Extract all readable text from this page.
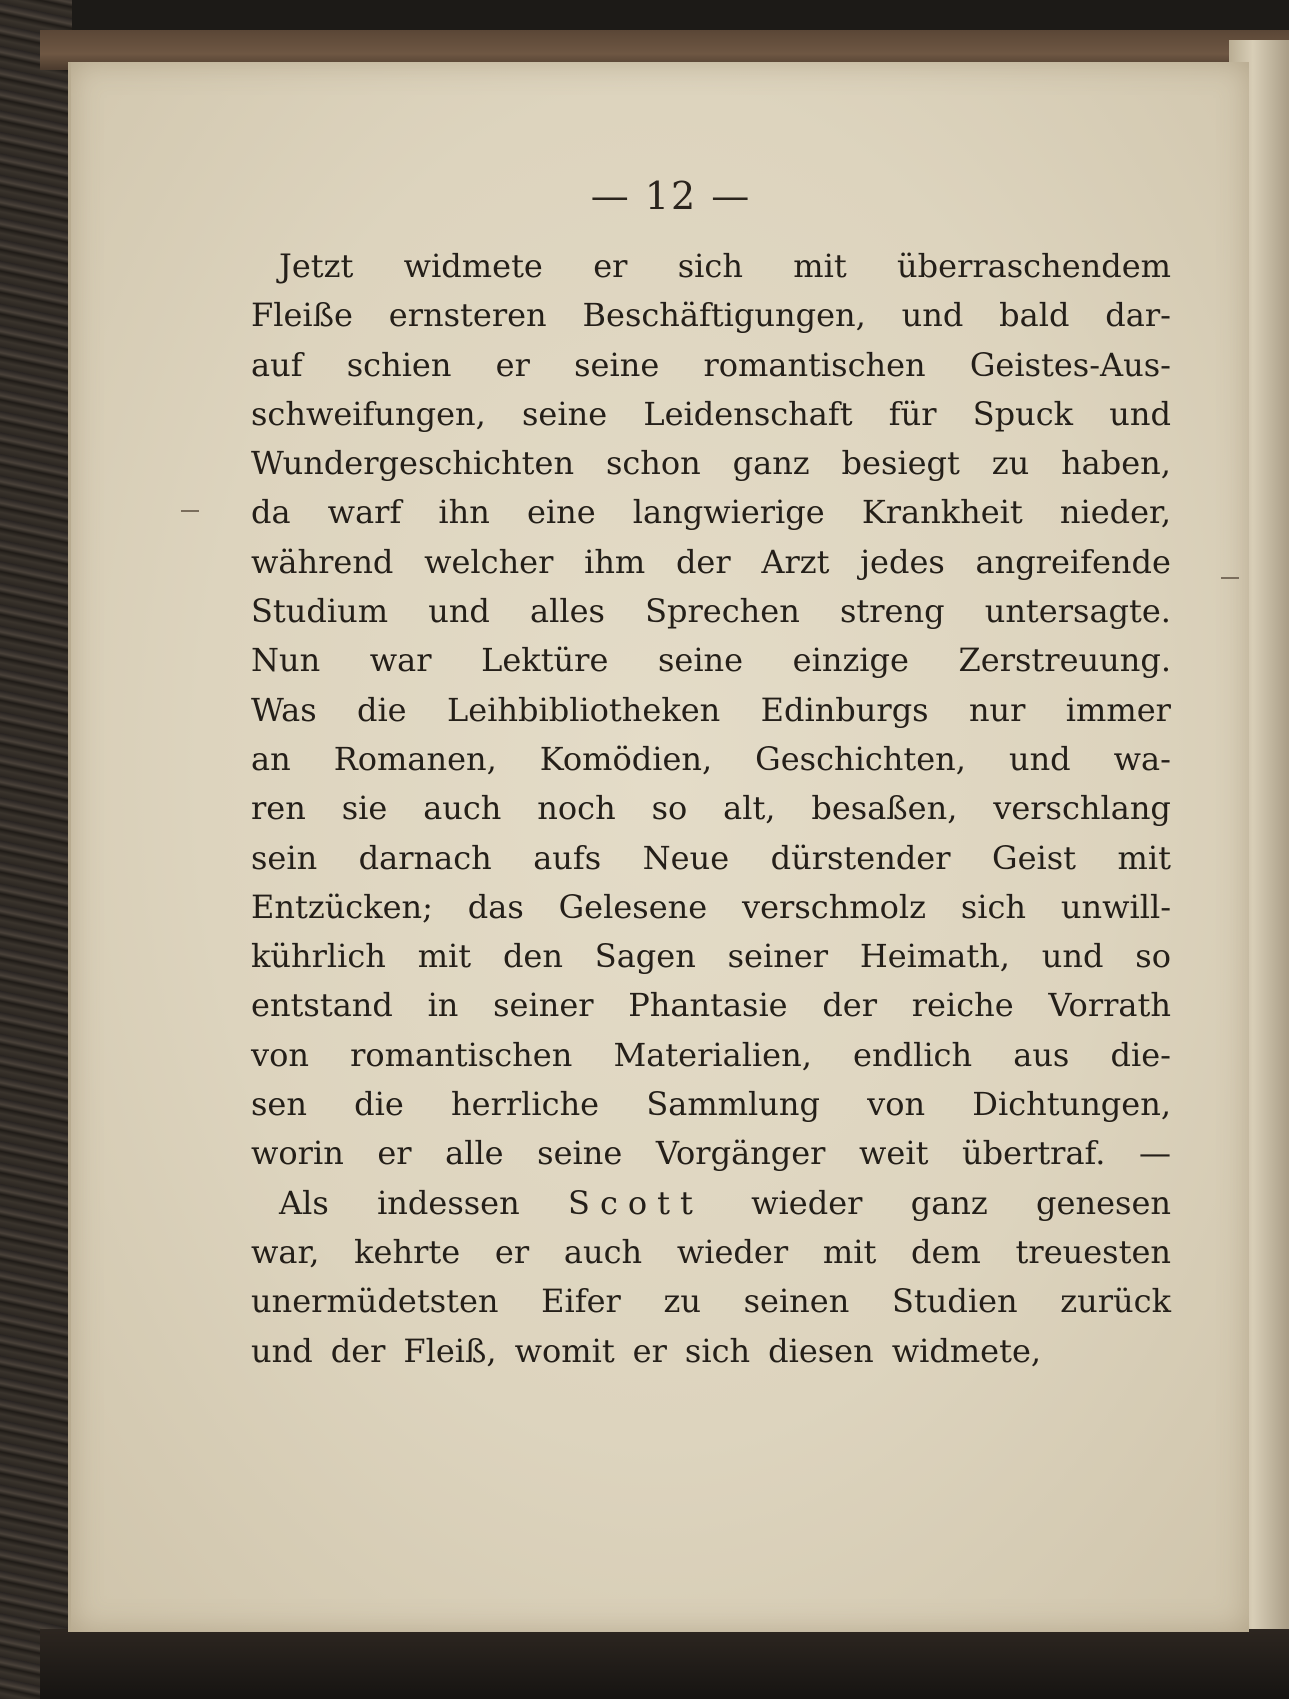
— 12 —
Jetzt widmete er sich mit überraschendem
Fleiße ernsteren Beschäftigungen, und bald dar-
auf schien er seine romantischen Geistes-Aus-
schweifungen, seine Leidenschaft für Spuck und
Wundergeschichten schon ganz besiegt zu haben,
da warf ihn eine langwierige Krankheit nieder,
während welcher ihm der Arzt jedes angreifende
Studium und alles Sprechen streng untersagte.
Nun war Lektüre seine einzige Zerstreuung.
Was die Leihbibliotheken Edinburgs nur immer
an Romanen, Komödien, Geschichten, und wa-
ren sie auch noch so alt, besaßen, verschlang
sein darnach aufs Neue dürstender Geist mit
Entzücken; das Gelesene verschmolz sich unwill-
kührlich mit den Sagen seiner Heimath, und so
entstand in seiner Phantasie der reiche Vorrath
von romantischen Materialien, endlich aus die-
sen die herrliche Sammlung von Dichtungen,
worin er alle seine Vorgänger weit übertraf. —
Als indessen Scott wieder ganz genesen
war, kehrte er auch wieder mit dem treuesten
unermüdetsten Eifer zu seinen Studien zurück
und der Fleiß, womit er sich diesen widmete,
